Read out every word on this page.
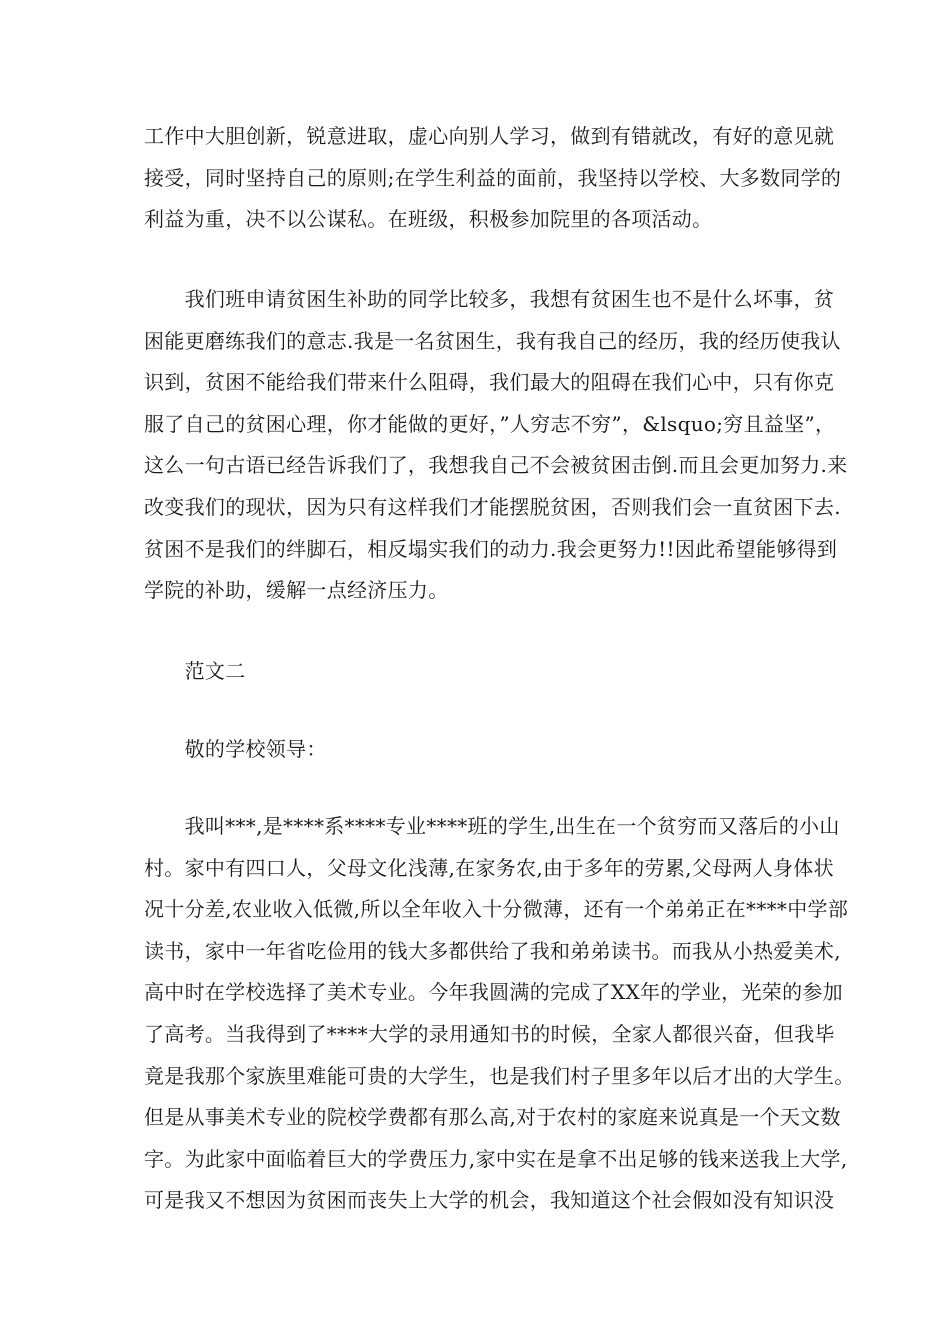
工作中大胆创新，锐意进取，虚心向别人学习，做到有错就改，有好的意见就
接受，同时坚持自己的原则;在学生利益的面前，我坚持以学校、大多数同学的
利益为重，决不以公谋私。在班级，积极参加院里的各项活动。

　　我们班申请贫困生补助的同学比较多，我想有贫困生也不是什么坏事，贫
困能更磨练我们的意志.我是一名贫困生，我有我自己的经历，我的经历使我认
识到，贫困不能给我们带来什么阻碍，我们最大的阻碍在我们心中，只有你克
服了自己的贫困心理，你才能做的更好，”人穷志不穷”，&lsquo;穷且益坚”，
这么一句古语已经告诉我们了，我想我自己不会被贫困击倒.而且会更加努力.来
改变我们的现状，因为只有这样我们才能摆脱贫困，否则我们会一直贫困下去.
贫困不是我们的绊脚石，相反塌实我们的动力.我会更努力!!因此希望能够得到
学院的补助，缓解一点经济压力。

　　范文二

　　敬的学校领导：

　　我叫***,是****系****专业****班的学生,出生在一个贫穷而又落后的小山
村。家中有四口人，父母文化浅薄,在家务农,由于多年的劳累,父母两人身体状
况十分差,农业收入低微,所以全年收入十分微薄，还有一个弟弟正在****中学部
读书，家中一年省吃俭用的钱大多都供给了我和弟弟读书。而我从小热爱美术,
高中时在学校选择了美术专业。今年我圆满的完成了XX年的学业，光荣的参加
了高考。当我得到了****大学的录用通知书的时候，全家人都很兴奋，但我毕
竟是我那个家族里难能可贵的大学生，也是我们村子里多年以后才出的大学生。
但是从事美术专业的院校学费都有那么高,对于农村的家庭来说真是一个天文数
字。为此家中面临着巨大的学费压力,家中实在是拿不出足够的钱来送我上大学,
可是我又不想因为贫困而丧失上大学的机会，我知道这个社会假如没有知识没
